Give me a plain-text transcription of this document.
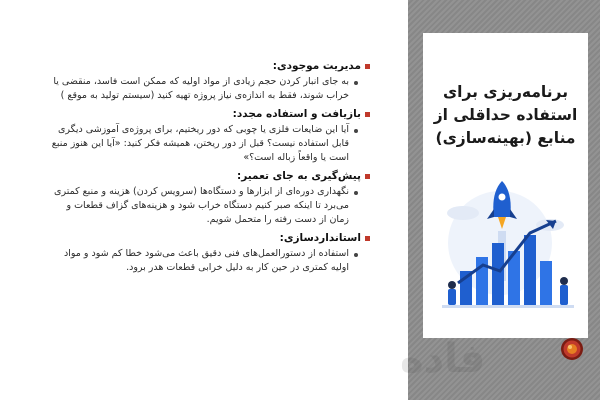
مدیریت موجودی:
به جای انبار کردن حجم زیادی از مواد اولیه که ممکن است فاسد، منقضی یا خراب شوند، فقط به اندازه‌ی نیاز پروژه تهیه کنید (سیستم تولید به موقع )
بازیافت و استفاده مجدد:
آیا این ضایعات فلزی یا چوبی که دور ریختیم، برای پروژه‌ی آموزشی دیگری قابل استفاده نیست؟ قبل از دور ریختن، همیشه فکر کنید: «آیا این هنوز منبع است یا واقعاً زباله است؟»
پیش‌گیری به جای تعمیر:
نگهداری دوره‌ای از ابزارها و دستگاه‌ها (سرویس کردن) هزینه و منبع کمتری می‌برد تا اینکه صبر کنیم دستگاه خراب شود و هزینه‌های گزاف قطعات و زمان از دست رفته را متحمل شویم.
استانداردسازی:
استفاده از دستورالعمل‌های فنی دقیق باعث می‌شود خطا کم شود و مواد اولیه کمتری در حین کار به دلیل خرابی قطعات هدر برود.
برنامه‌ریزی برای استفاده حداقلی از منابع (بهینه‌سازی)
فاده
